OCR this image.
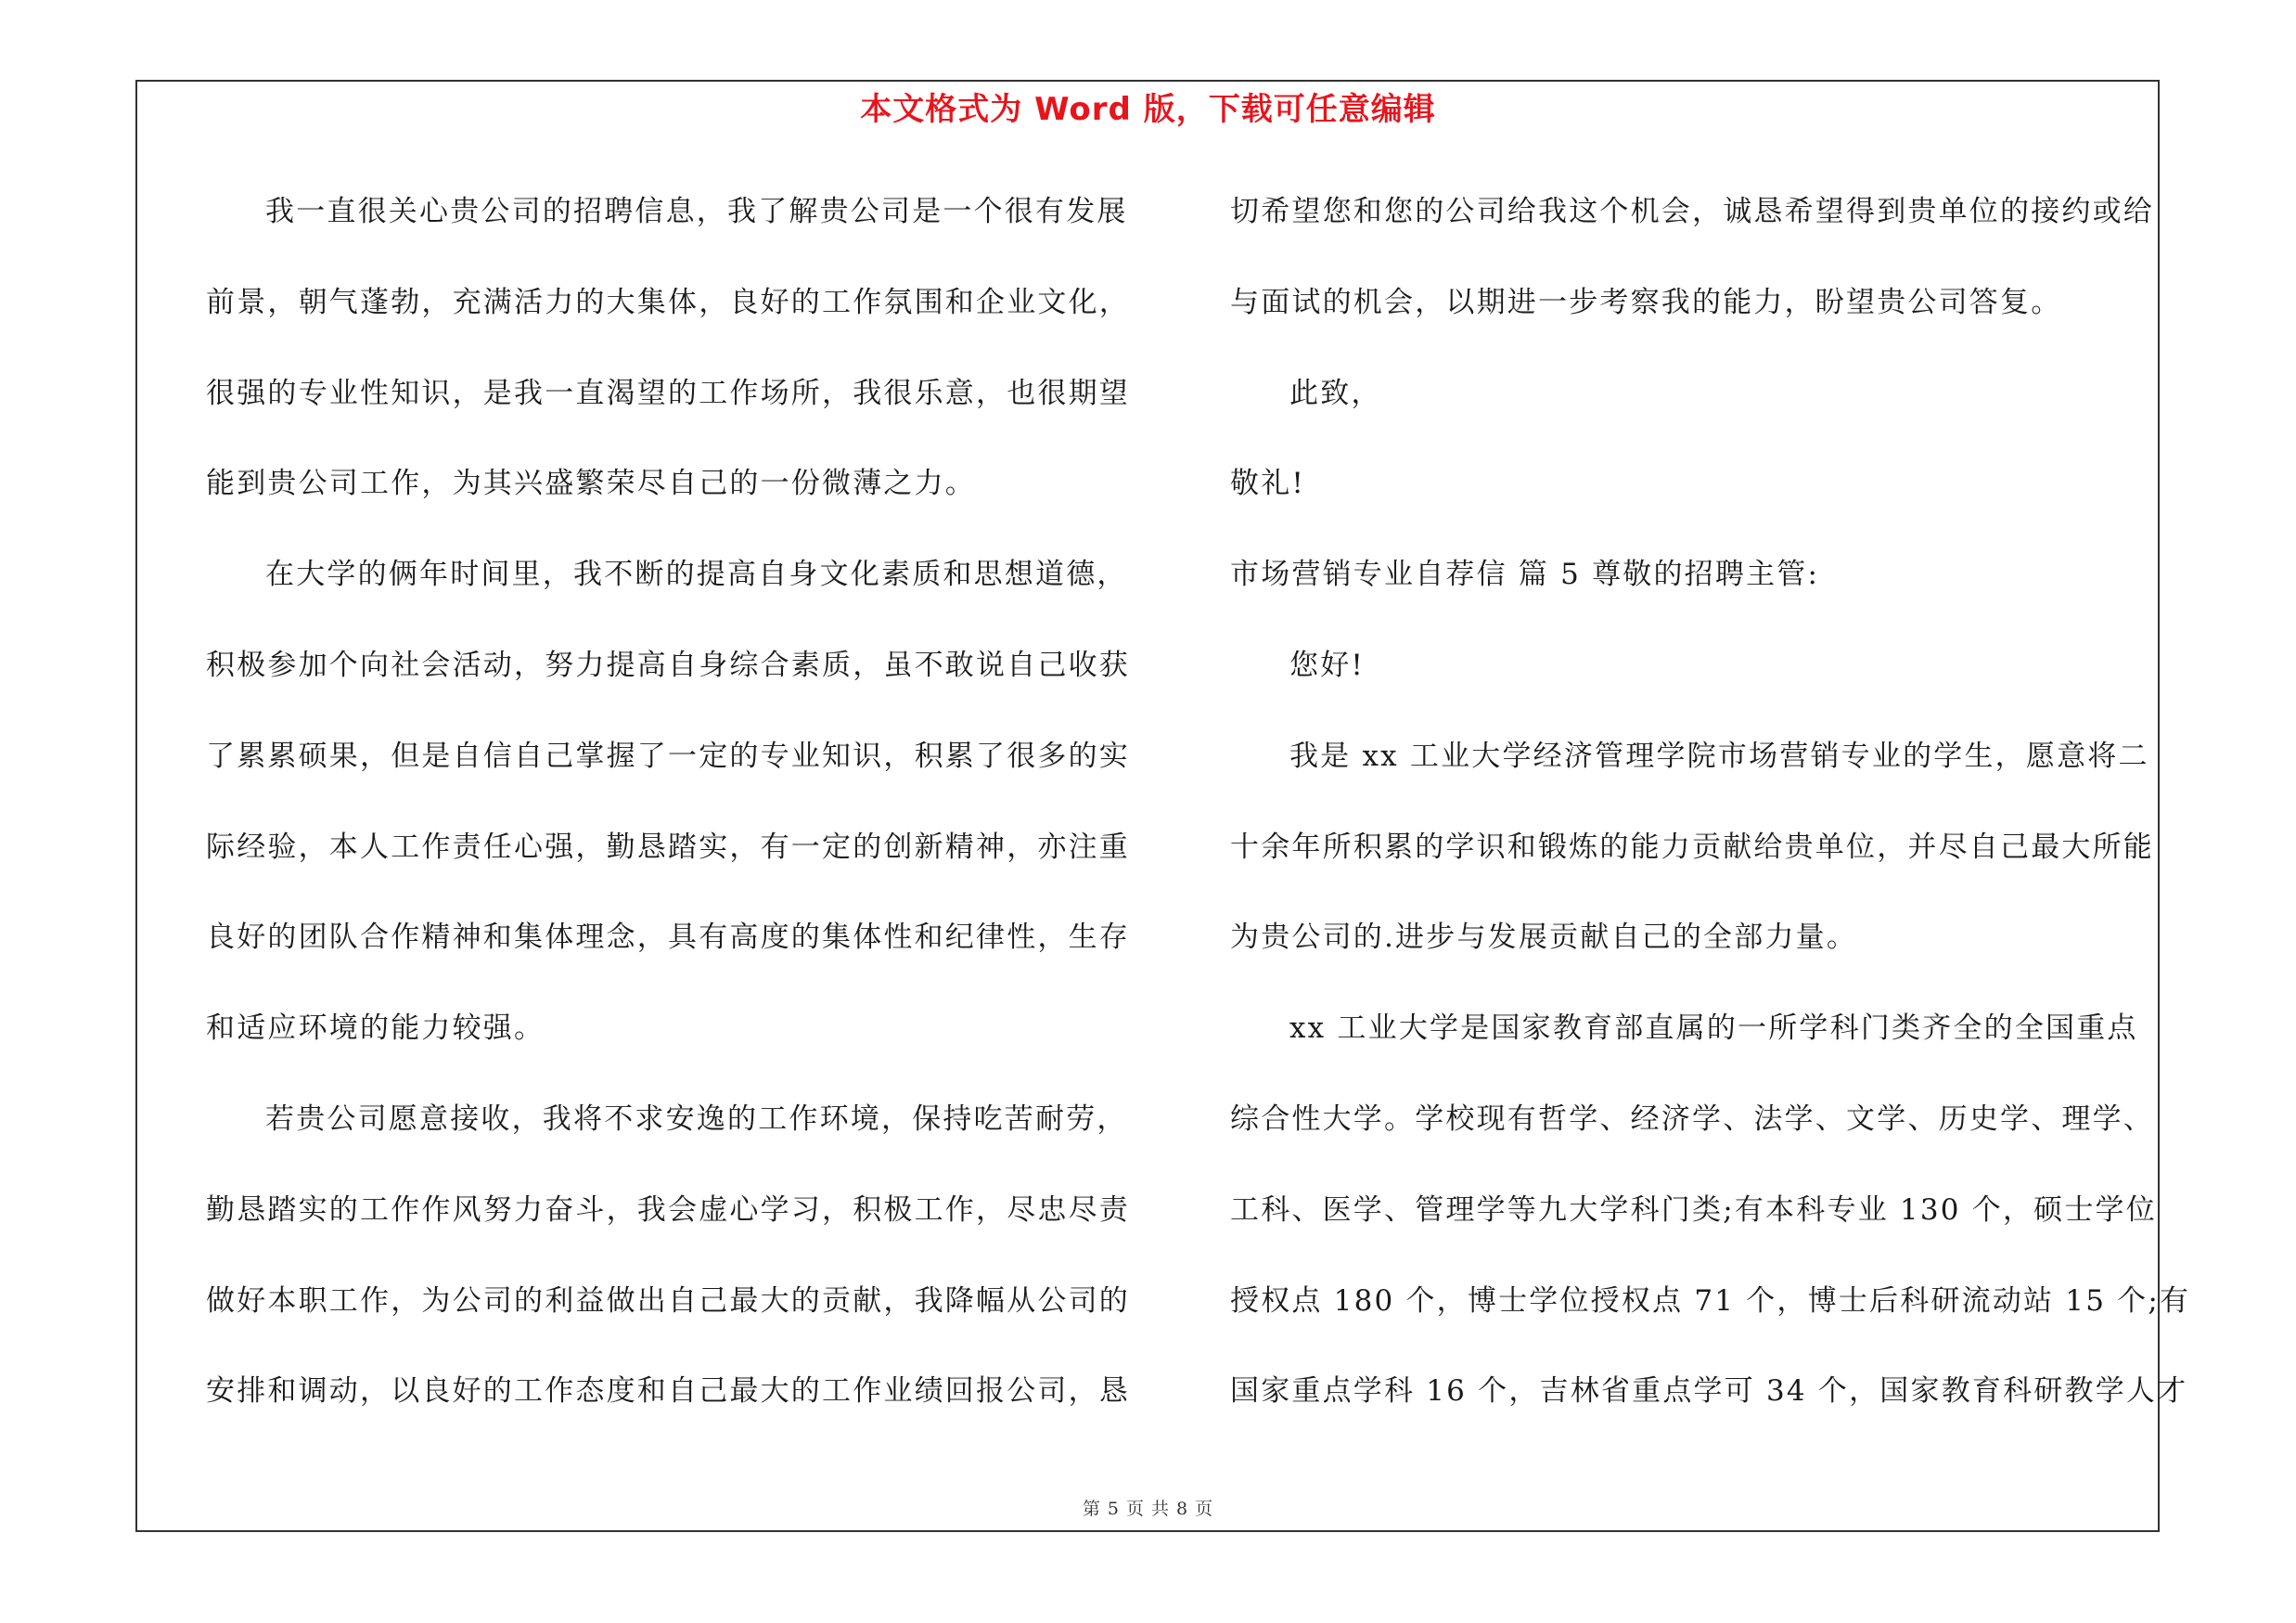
本文格式为 Word 版，下载可任意编辑
我一直很关心贵公司的招聘信息，我了解贵公司是一个很有发展
前景，朝气蓬勃，充满活力的大集体，良好的工作氛围和企业文化，
很强的专业性知识，是我一直渴望的工作场所，我很乐意，也很期望
能到贵公司工作，为其兴盛繁荣尽自己的一份微薄之力。
在大学的俩年时间里，我不断的提高自身文化素质和思想道德，
积极参加个向社会活动，努力提高自身综合素质，虽不敢说自己收获
了累累硕果，但是自信自己掌握了一定的专业知识，积累了很多的实
际经验，本人工作责任心强，勤恳踏实，有一定的创新精神，亦注重
良好的团队合作精神和集体理念，具有高度的集体性和纪律性，生存
和适应环境的能力较强。
若贵公司愿意接收，我将不求安逸的工作环境，保持吃苦耐劳，
勤恳踏实的工作作风努力奋斗，我会虚心学习，积极工作，尽忠尽责
做好本职工作，为公司的利益做出自己最大的贡献，我降幅从公司的
安排和调动，以良好的工作态度和自己最大的工作业绩回报公司，恳
切希望您和您的公司给我这个机会，诚恳希望得到贵单位的接约或给
与面试的机会，以期进一步考察我的能力，盼望贵公司答复。
此致，
敬礼!
市场营销专业自荐信 篇 5 尊敬的招聘主管:
您好!
我是 xx 工业大学经济管理学院市场营销专业的学生，愿意将二
十余年所积累的学识和锻炼的能力贡献给贵单位，并尽自己最大所能
为贵公司的.进步与发展贡献自己的全部力量。
xx 工业大学是国家教育部直属的一所学科门类齐全的全国重点
综合性大学。学校现有哲学、经济学、法学、文学、历史学、理学、
工科、医学、管理学等九大学科门类;有本科专业 130 个，硕士学位
授权点 180 个，博士学位授权点 71 个，博士后科研流动站 15 个;有
国家重点学科 16 个，吉林省重点学可 34 个，国家教育科研教学人才
第 5 页 共 8 页
